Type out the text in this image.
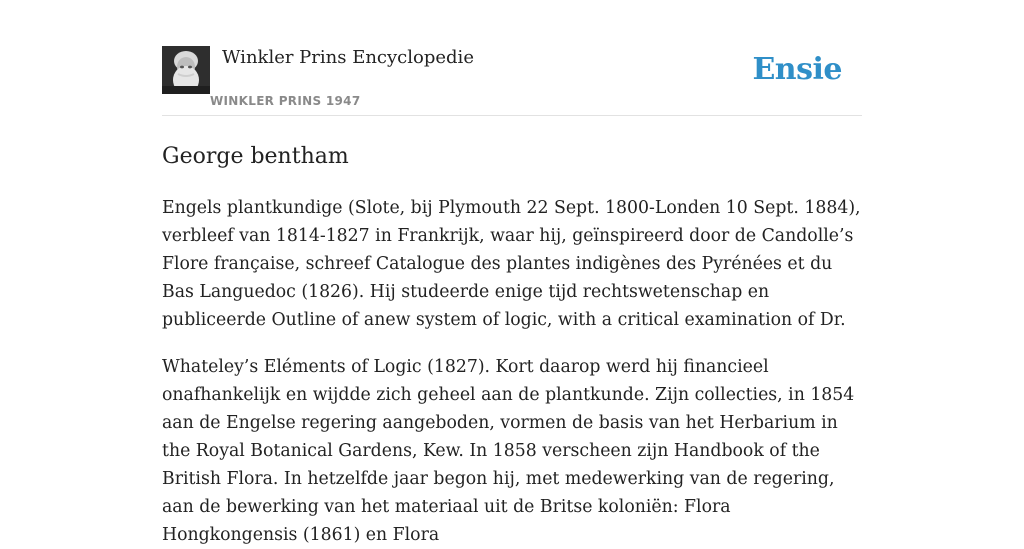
Winkler Prins Encyclopedie
WINKLER PRINS 1947
Ensie
George bentham

Engels plantkundige (Slote, bij Plymouth 22 Sept. 1800-Londen 10 Sept. 1884), verbleef van 1814-1827 in Frankrijk, waar hij, geïnspireerd door de Candolle’s Flore française, schreef Catalogue des plantes indigènes des Pyrénées et du Bas Languedoc (1826). Hij studeerde enige tijd rechtswetenschap en publiceerde Outline of anew system of logic, with a critical examination of Dr.

Whateley’s Eléments of Logic (1827). Kort daarop werd hij financieel onafhankelijk en wijdde zich geheel aan de plantkunde. Zijn collecties, in 1854 aan de Engelse regering aangeboden, vormen de basis van het Herbarium in the Royal Botanical Gardens, Kew. In 1858 verscheen zijn Handbook of the British Flora. In hetzelfde jaar begon hij, met medewerking van de regering, aan de bewerking van het materiaal uit de Britse koloniën: Flora Hongkongensis (1861) en Flora
